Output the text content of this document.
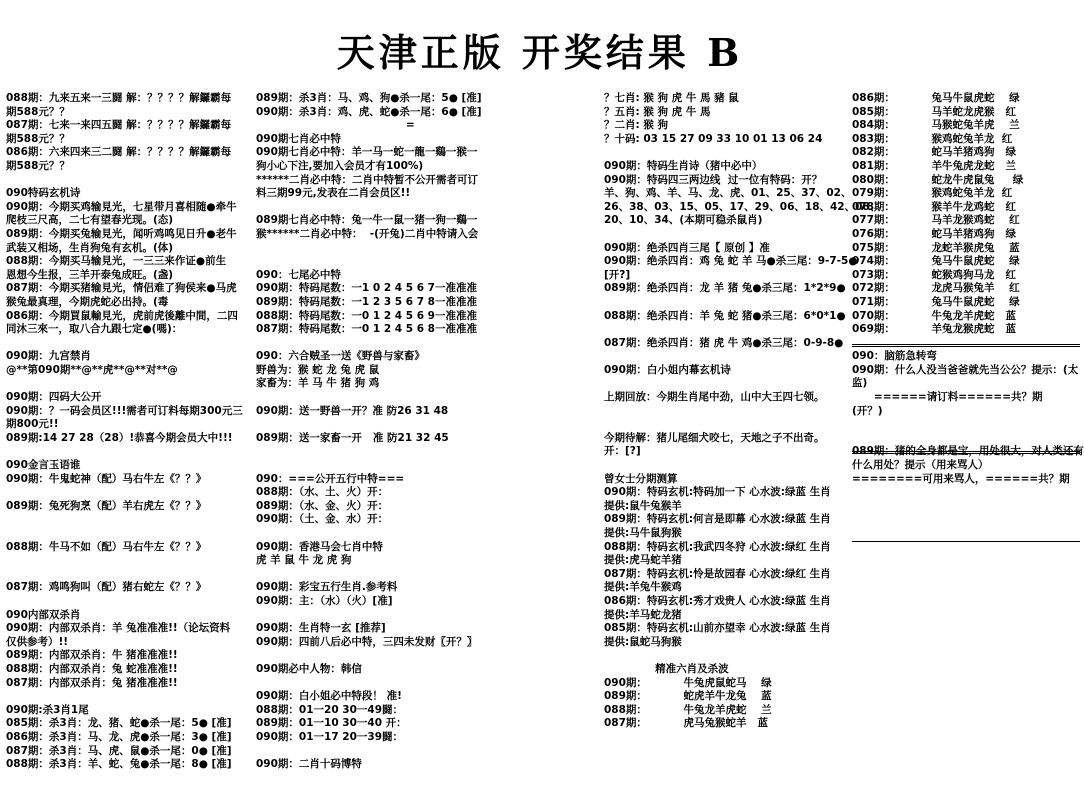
天津正版 开奖结果 B
088期：九来五来一三闘 解：？？？？解鑼霸每
期588元？？
087期：七来一来四五闘 解：？？？？解鑼霸每
期588元？？
086期：六来四来三二闘 解：？？？？解鑼霸每
期588元？？
090特码玄机诗
090期：今期买鸡输見光，七星带月喜相随●牵牛
爬枝三尺高，二七有望春光现。(态)
089期：今期买兔输見光，闻听鸡鸣见日升●老牛
武装又相场，生肖狗兔有玄机。(体)
088期：今期买马输見光，一三三来作证●前生
恩想今生报，三羊开泰兔成旺。(盏)
087期：今期买猪输見光，情侣难了狗侯来●马虎
猴兔最真理，今期虎蛇必出持。(毒
086期：今期買鼠輸見光，虎前虎後離中間，二四
同沐三來一，取八合九跟七定●(嗎)：
090期：九宫禁肖
@**第090期**@**虎**@**对**@
090期：四码大公开
090期：？一码会员区!!!需者可订料每期300元三
期800元!!
089期:14 27 28（28）!恭喜今期会员大中!!!
090金言玉语谁
090期：牛鬼蛇神（配）马右牛左《？？》
089期：兔死狗烹（配）羊右虎左《？？》
088期：牛马不如（配）马右牛左《？？》
087期：鸡鸣狗叫（配）猪右蛇左《？？》
090内部双杀肖
090期：内部双杀肖：羊 兔准准准!!（论坛资料
仅供参考）!!
089期：内部双杀肖：牛 猪准准准!!
088期：内部双杀肖：兔 蛇准准准!!
087期：内部双杀肖：兔 猪准准准!!
090期:杀3肖1尾
085期：杀3肖：龙、猪、蛇●杀一尾：5● [准]
086期：杀3肖：马、龙、虎●杀一尾：3● [准]
087期：杀3肖：马、虎、鼠●杀一尾：0● [准]
088期：杀3肖：羊、蛇、兔●杀一尾：8● [准]
089期：杀3肖：马、鸡、狗●杀一尾：5● [准]
090期：杀3肖：鸡、虎、蛇●杀一尾：6● [准]
=
090期七肖必中特
090期七肖必中特：羊一马一蛇一龍一鷄一猴一
狗小心下注,要加入会员才有100%)
******二肖必中特：二肖中特暂不公开需者可订
料三期99元,发表在二肖会员区!!
089期七肖必中特：兔一牛一鼠一猪一狗一鷄一
猴******二肖必中特：  -(开兔)二肖中特请入会
090：七尾必中特
090期：特码尾数：一1 0 2 4 5 6 7一准准准
089期：特码尾数：一1 2 3 5 6 7 8一准准准
088期：特码尾数：一0 1 2 4 5 6 9一准准准
087期：特码尾数：一0 1 2 4 5 6 8一准准准
090：六合贼圣一送《野兽与家畜》
野兽为：猴 蛇 龙 兔 虎 鼠
家畜为：羊 马 牛 猪 狗 鸡
090期：送一野兽一开？准 防26 31 48
089期：送一家畜一开   准 防21 32 45
090：===公开五行中特===
088期：（水、土、火）开：
089期：（水、金、火）开：
090期：（土、金、水）开：
090期：香港马会七肖中特
虎 羊 鼠 牛 龙 虎 狗
090期：彩宝五行生肖.参考料
090期：主：（水）（火）[准]
090期：生肖特一玄 [推荐]
090期：四前八后必中特，三四未发财〖开？〗
090期必中人物：韩信
090期：白小姐必中特段！ 准!
088期：01一20 30一49闘：
089期：01一10 30一40 开：
090期：01一17 20一39闘：
090期：二肖十码博特
？七肖: 猴 狗 虎 牛 馬 豬 鼠
？五肖: 猴 狗 虎 牛 馬
？二肖: 猴 狗
？十码: 03 15 27 09 33 10 01 13 06 24
090期：特码生肖诗（猪中必中）
090期：特码四三两边线  过一位有特码：开？
羊、狗、鸡、羊、马、龙、虎、01、25、37、02、
26、38、03、15、05、17、29、06、18、42、08、
20、10、34、(本期可稳杀鼠肖)
090期：绝杀四肖三尾【 原创 】准
090期：绝杀四肖：鸡 兔 蛇 羊 马●杀三尾：9-7-5●
[开?]
089期：绝杀四肖：龙 羊 猪 兔●杀三尾：1*2*9●
088期：绝杀四肖：羊 兔 蛇 猪●杀三尾：6*0*1●
087期：绝杀四肖：猪 虎 牛 鸡●杀三尾：0-9-8●
090期：白小姐内幕玄机诗
上期回放：今期生肖尾中劲，山中大王四七领。
今期待解：猪儿尾细犬咬七，天地之子不出奇。
开：[?]
曾女士分期测算
090期：特码玄机:特码加一下 心水波:绿蓝 生肖
提供:鼠牛兔猴羊
089期：特码玄机:何言是即幕 心水波:绿蓝 生肖
提供:马牛鼠狗猴
088期：特码玄机:我武四冬狩 心水波:绿红 生肖
提供:虎马蛇羊猪
087期：特码玄机:怜是故园春 心水波:绿红 生肖
提供:羊兔牛猴鸡
086期：特码玄机:秀才戏贵人 心水波:绿蓝 生肖
提供:羊马蛇龙猪
085期：特码玄机:山前亦望幸 心水波:绿蓝 生肖
提供:鼠蛇马狗猴
精准六肖及杀波
090期：          牛兔虎鼠蛇马    绿
089期：          蛇虎羊牛龙兔    蓝
088期：          牛兔龙羊虎蛇    兰
087期：          虎马兔猴蛇羊   蓝
086期：          兔马牛鼠虎蛇    绿
085期：          马羊蛇龙虎猴   红
084期：          马猴蛇兔羊虎    兰
083期：          猴鸡蛇兔羊龙  红
082期：          蛇马羊猪鸡狗   绿
081期：          羊牛兔虎龙蛇   兰
080期：          蛇龙牛虎鼠兔     绿
079期：          猴鸡蛇兔羊龙  红
078期：          猴羊牛龙鸡蛇   红
077期：          马羊龙猴鸡蛇    红
076期：          蛇马羊猪鸡狗   绿
075期：          龙蛇羊猴虎兔    蓝
074期：          兔马牛鼠虎蛇    绿
073期：          蛇猴鸡狗马龙   红
072期：          龙虎马猴兔羊    红
071期：          兔马牛鼠虎蛇    绿
070期：          牛兔龙羊虎蛇   蓝
069期：          羊兔龙猴虎蛇   蓝
090：脑筋急转弯
090期：什么人没当爸爸就先当公公？提示：(太
监)
======请订料======共？期
(开？)
089期：猪的全身都是宝，用处很大，对人类还有
什么用处？提示（用来骂人）
========可用来骂人，======共？期
